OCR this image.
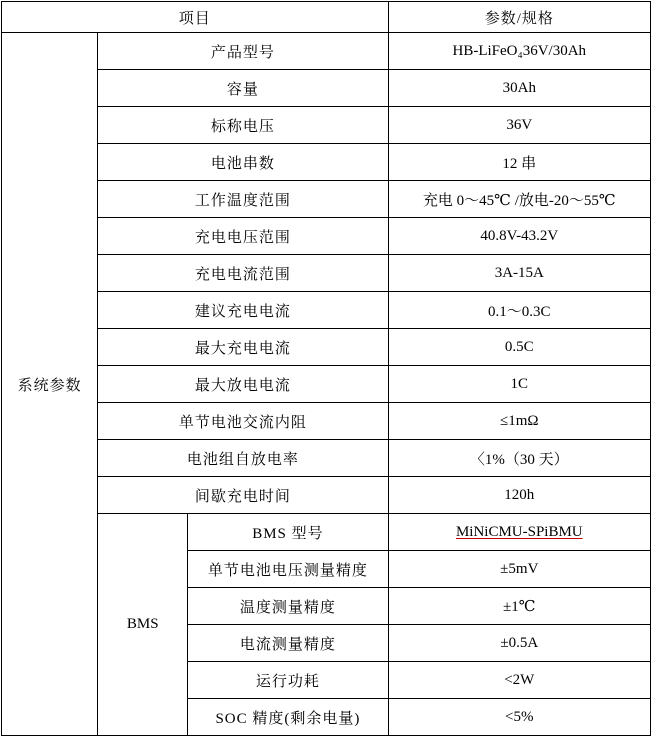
项目			参数/规格
系统参数	产品型号		HB-LiFeO₄36V/30Ah
	容量		30Ah
	标称电压		36V
	电池串数		12 串
	工作温度范围		充电 0～45℃ /放电-20～55℃
	充电电压范围		40.8V-43.2V
	充电电流范围		3A-15A
	建议充电电流		0.1～0.3C
	最大充电电流		0.5C
	最大放电电流		1C
	单节电池交流内阻		≤1mΩ
	电池组自放电率		〈1%（30 天）
	间歇充电时间		120h
	BMS	BMS 型号	MiNiCMU-SPiBMU
		单节电池电压测量精度	±5mV
		温度测量精度	±1℃
		电流测量精度	±0.5A
		运行功耗	<2W
		SOC 精度(剩余电量)	<5%
